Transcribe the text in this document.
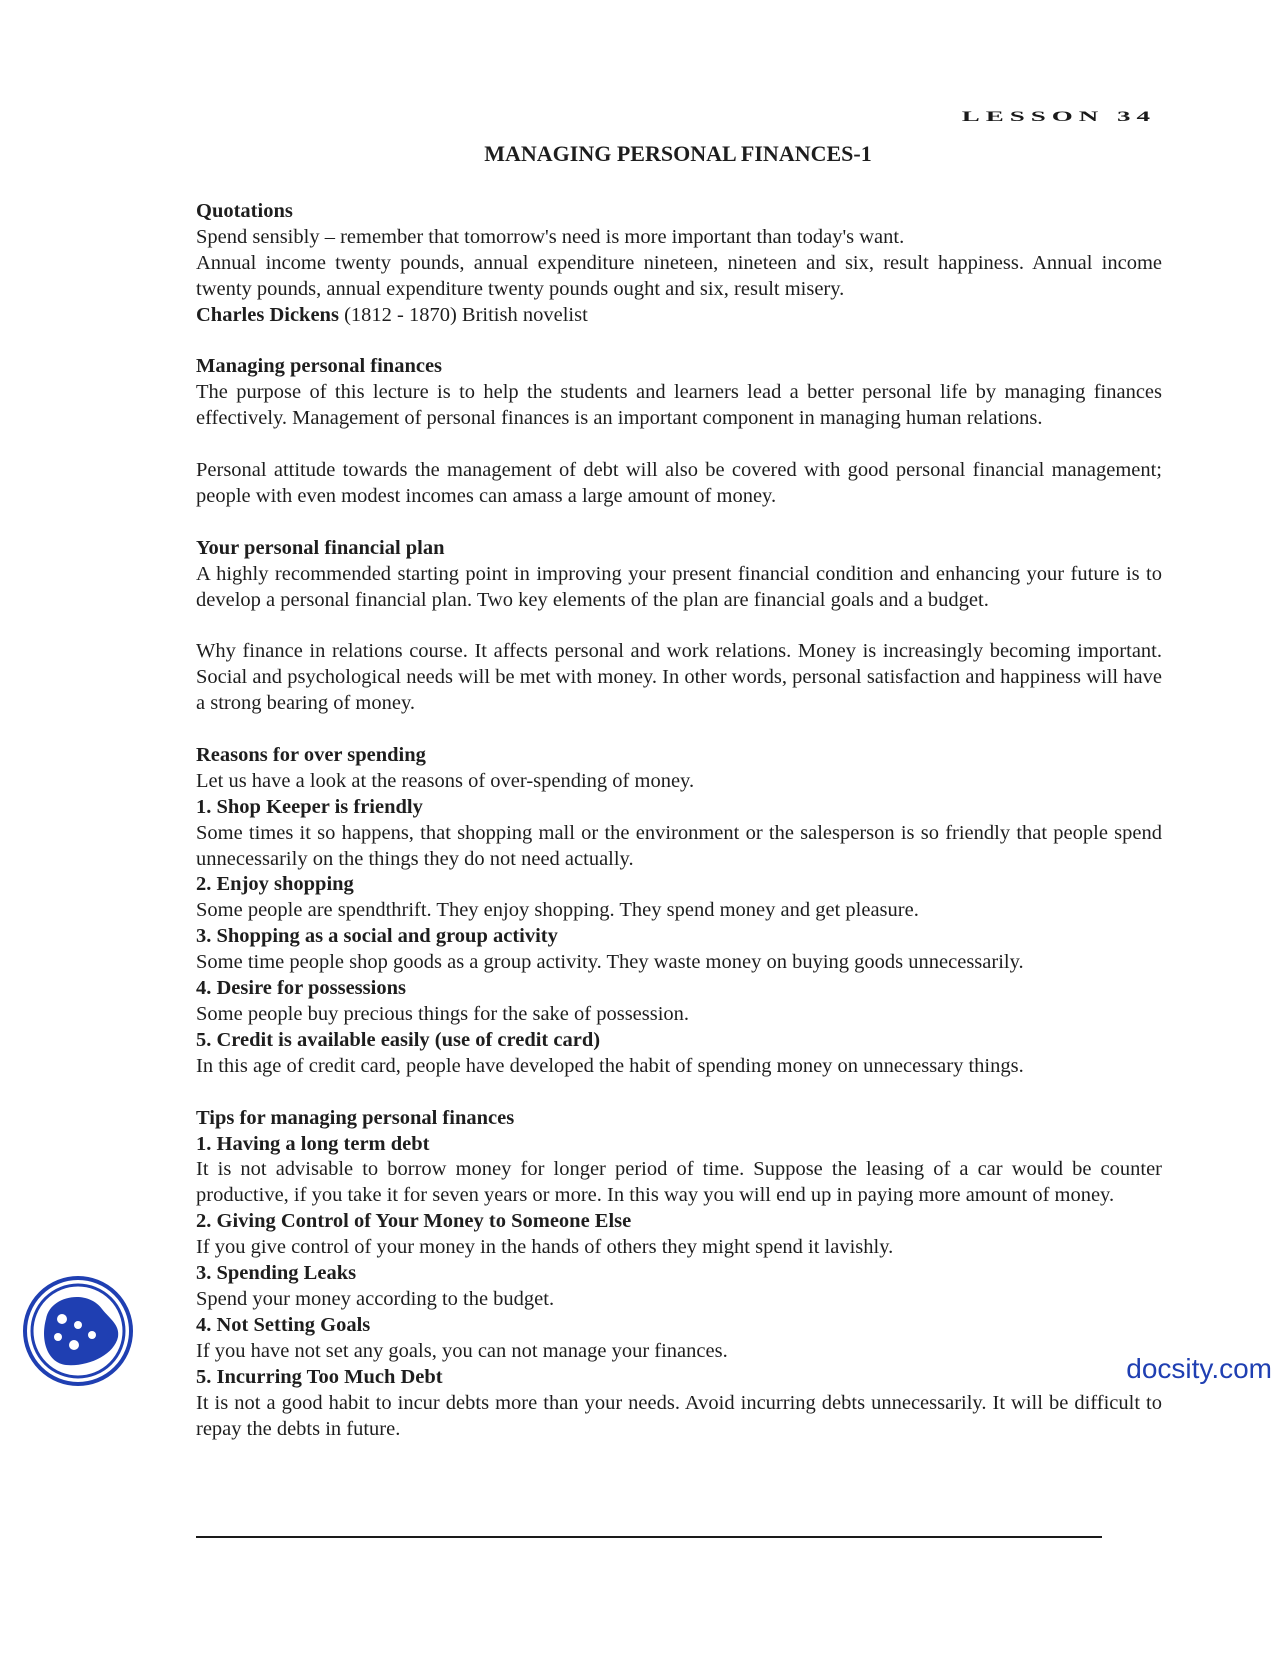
LESSON 34
MANAGING PERSONAL FINANCES-1

Quotations

Spend sensibly – remember that tomorrow's need is more important than today's want.

Annual income twenty pounds, annual expenditure nineteen, nineteen and six, result happiness. Annual income twenty pounds, annual expenditure twenty pounds ought and six, result misery.

Charles Dickens (1812 - 1870) British novelist

Managing personal finances

The purpose of this lecture is to help the students and learners lead a better personal life by managing finances effectively. Management of personal finances is an important component in managing human relations.

Personal attitude towards the management of debt will also be covered with good personal financial management; people with even modest incomes can amass a large amount of money.

Your personal financial plan

A highly recommended starting point in improving your present financial condition and enhancing your future is to develop a personal financial plan. Two key elements of the plan are financial goals and a budget.

Why finance in relations course. It affects personal and work relations. Money is increasingly becoming important. Social and psychological needs will be met with money. In other words, personal satisfaction and happiness will have a strong bearing of money.

Reasons for over spending

Let us have a look at the reasons of over-spending of money.

1. Shop Keeper is friendly

Some times it so happens, that shopping mall or the environment or the salesperson is so friendly that people spend unnecessarily on the things they do not need actually.

2. Enjoy shopping

Some people are spendthrift. They enjoy shopping. They spend money and get pleasure.

3. Shopping as a social and group activity

Some time people shop goods as a group activity. They waste money on buying goods unnecessarily.

4. Desire for possessions

Some people buy precious things for the sake of possession.

5. Credit is available easily (use of credit card)

In this age of credit card, people have developed the habit of spending money on unnecessary things.

Tips for managing personal finances

1. Having a long term debt

It is not advisable to borrow money for longer period of time. Suppose the leasing of a car would be counter productive, if you take it for seven years or more. In this way you will end up in paying more amount of money.

2. Giving Control of Your Money to Someone Else

If you give control of your money in the hands of others they might spend it lavishly.

3. Spending Leaks

Spend your money according to the budget.

4. Not Setting Goals

If you have not set any goals, you can not manage your finances.

5. Incurring Too Much Debt

It is not a good habit to incur debts more than your needs. Avoid incurring debts unnecessarily. It will be difficult to repay the debts in future.

docsity.com
